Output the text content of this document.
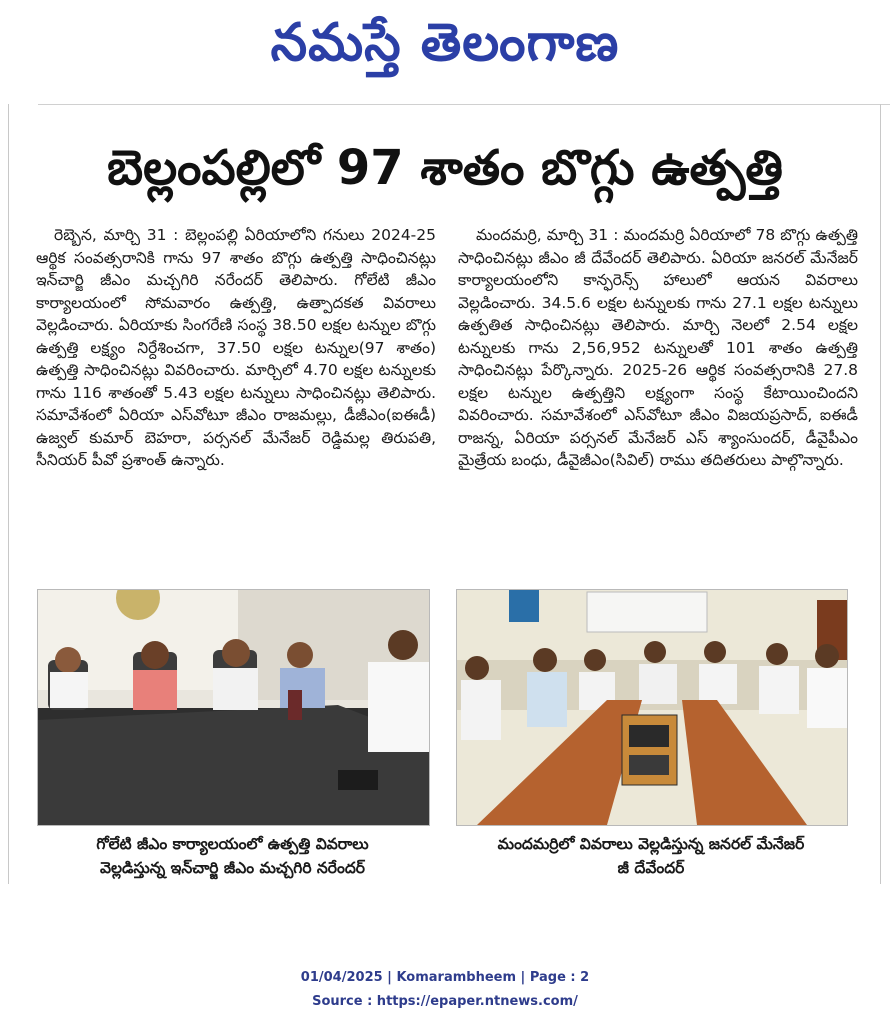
నమస్తే తెలంగాణ
బెల్లంపల్లిలో 97 శాతం బొగ్గు ఉత్పత్తి
రెబ్బెన, మార్చి 31 : బెల్లంపల్లి ఏరియాలోని గనులు 2024-25 ఆర్థిక సంవత్సరానికి గాను 97 శాతం బొగ్గు ఉత్పత్తి సాధించినట్లు ఇన్‌చార్జి జీఎం మచ్చగిరి నరేందర్ తెలిపారు. గోలేటి జీఎం కార్యాలయంలో సోమవారం ఉత్పత్తి, ఉత్పాదకత వివరాలు వెల్లడించారు. ఏరియాకు సింగరేణి సంస్థ 38.50 లక్షల టన్నుల బొగ్గు ఉత్పత్తి లక్ష్యం నిర్దేశించగా, 37.50 లక్షల టన్నుల(97 శాతం) ఉత్పత్తి సాధించినట్లు వివరించారు. మార్చిలో 4.70 లక్షల టన్నులకు గాను 116 శాతంతో 5.43 లక్షల టన్నులు సాధించినట్లు తెలిపారు. సమావేశంలో ఏరియా ఎస్‌వోటూ జీఎం రాజమల్లు, డీజీఎం(ఐఈడీ) ఉజ్వల్ కుమార్ బెహరా, పర్సనల్ మేనేజర్ రెడ్డిమల్ల తిరుపతి, సీనియర్ పీవో ప్రశాంత్ ఉన్నారు.
మందమర్రి, మార్చి 31 : మందమర్రి ఏరియాలో 78 బొగ్గు ఉత్పత్తి సాధించినట్లు జీఎం జీ దేవేందర్ తెలిపారు. ఏరియా జనరల్ మేనేజర్ కార్యాలయంలోని కాన్ఫరెన్స్ హాలులో ఆయన వివరాలు వెల్లడించారు. 34.5.6 లక్షల టన్నులకు గాను 27.1 లక్షల టన్నులు ఉత్పతిత సాధించినట్లు తెలిపారు. మార్చి నెలలో 2.54 లక్షల టన్నులకు గాను 2,56,952 టన్నులతో 101 శాతం ఉత్పత్తి సాధించినట్లు పేర్కొన్నారు. 2025-26 ఆర్థిక సంవత్సరానికి 27.8 లక్షల టన్నుల ఉత్పత్తిని లక్ష్యంగా సంస్థ కేటాయించిందని వివరించారు. సమావేశంలో ఎస్‌వోటూ జీఎం విజయప్రసాద్, ఐఈడీ రాజన్న, ఏరియా పర్సనల్ మేనేజర్ ఎస్ శ్యాంసుందర్, డీవైపీఎం మైత్రేయ బంధు, డీవైజీఎం(సివిల్) రాము తదితరులు పాల్గొన్నారు.
గోలేటి జీఎం కార్యాలయంలో ఉత్పత్తి వివరాలు
వెల్లడిస్తున్న ఇన్‌చార్జి జీఎం మచ్చగిరి నరేందర్
మందమర్రిలో వివరాలు వెల్లడిస్తున్న జనరల్ మేనేజర్
జీ దేవేందర్
01/04/2025 | Komarambheem | Page : 2
Source : https://epaper.ntnews.com/
